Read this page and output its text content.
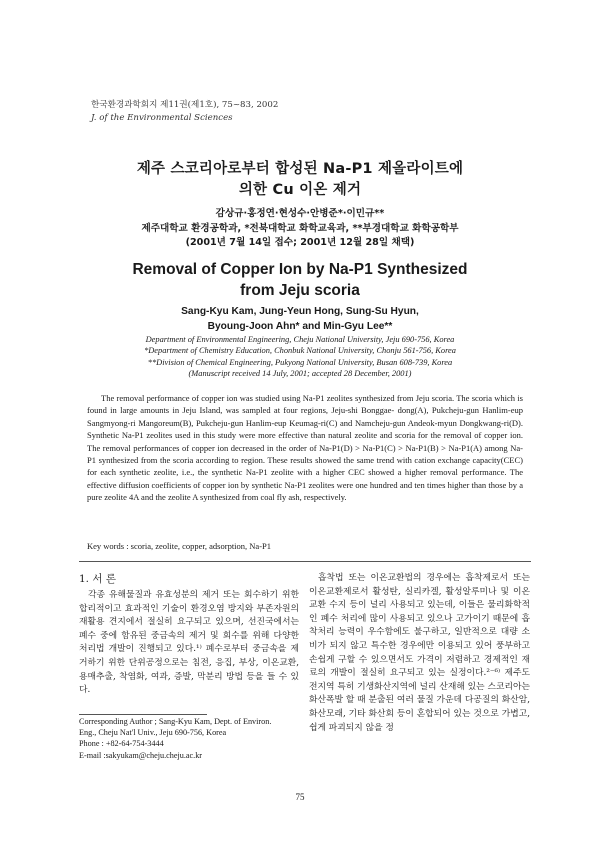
한국환경과학회지 제11권(제1호), 75~83, 2002
J. of the Environmental Sciences
제주 스코리아로부터 합성된 Na-P1 제올라이트에
의한 Cu 이온 제거
감상규·홍정연·현성수·안병준*·이민규**
제주대학교 환경공학과, *전북대학교 화학교육과, **부경대학교 화학공학부
(2001년 7월 14일 접수; 2001년 12월 28일 채택)
Removal of Copper Ion by Na-P1 Synthesized
from Jeju scoria
Sang-Kyu Kam, Jung-Yeun Hong, Sung-Su Hyun,
Byoung-Joon Ahn* and Min-Gyu Lee**
Department of Environmental Engineering, Cheju National University, Jeju 690-756, Korea
*Department of Chemistry Education, Chonbuk National University, Chonju 561-756, Korea
**Division of Chemical Engineering, Pukyong National University, Busan 608-739, Korea
(Manuscript received 14 July, 2001; accepted 28 December, 2001)
The removal performance of copper ion was studied using Na-P1 zeolites synthesized from Jeju scoria. The scoria which is found in large amounts in Jeju Island, was sampled at four regions, Jeju-shi Bonggae- dong(A), Pukcheju-gun Hanlim-eup Sangmyong-ri Mangoreum(B), Pukcheju-gun Hanlim-eup Keumag-ri(C) and Namcheju-gun Andeok-myun Dongkwang-ri(D). Synthetic Na-P1 zeolites used in this study were more effective than natural zeolite and scoria for the removal of copper ion. The removal performances of copper ion decreased in the order of Na-P1(D) > Na-P1(C) > Na-P1(B) > Na-P1(A) among Na-P1 synthesized from the scoria according to region. These results showed the same trend with cation exchange capacity(CEC) for each synthetic zeolite, i.e., the synthetic Na-P1 zeolite with a higher CEC showed a higher removal performance. The effective diffusion coefficients of copper ion by synthetic Na-P1 zeolites were one hundred and ten times higher than those by a pure zeolite 4A and the zeolite A synthesized from coal fly ash, respectively.
Key words : scoria, zeolite, copper, adsorption, Na-P1
1. 서 론
각종 유해물질과 유효성분의 제거 또는 회수하기 위한 합리적이고 효과적인 기술이 환경오염 방지와 부존자원의 재활용 견지에서 절실히 요구되고 있으며, 선진국에서는 폐수 중에 함유된 중금속의 제거 및 회수를 위해 다양한 처리법 개발이 진행되고 있다.¹⁾ 폐수로부터 중금속을 제거하기 위한 단위공정으로는 침전, 응집, 부상, 이온교환, 용매추출, 착염화, 여과, 증발, 막분리 방법 등을 들 수 있다.
흡착법 또는 이온교환법의 경우에는 흡착제로서 또는 이온교환제로서 활성탄, 실리카겔, 활성알루미나 및 이온교환 수지 등이 널리 사용되고 있는데, 이들은 물리화학적인 폐수 처리에 많이 사용되고 있으나 고가이기 때문에 흡착처리 능력이 우수함에도 불구하고, 일반적으로 대량 소비가 되지 않고 특수한 경우에만 이용되고 있어 풍부하고 손쉽게 구할 수 있으면서도 가격이 저렴하고 경제적인 재료의 개발이 절실히 요구되고 있는 실정이다.²⁻⁶⁾ 제주도 전지역 특히 기생화산지역에 널리 산재해 있는 스코리아는 화산폭발 할 때 분출된 여러 물질 가운데 다공질의 화산암, 화산모래, 기타 화산회 등이 혼합되어 있는 것으로 가볍고, 쉽게 파괴되지 않을 정
Corresponding Author ; Sang-Kyu Kam, Dept. of Environ.
Eng., Cheju Nat'l Univ., Jeju 690-756, Korea
Phone : +82-64-754-3444
E-mail :sakyukam@cheju.cheju.ac.kr
75
